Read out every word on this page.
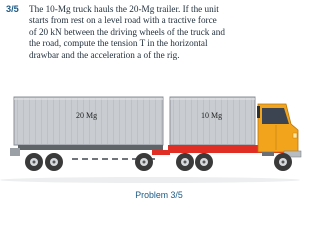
3/5 The 10-Mg truck hauls the 20-Mg trailer. If the unit
starts from rest on a level road with a tractive force
of 20 kN between the driving wheels of the truck and
the road, compute the tension T in the horizontal
drawbar and the acceleration a of the rig.
20 Mg	10 Mg
Problem 3/5
